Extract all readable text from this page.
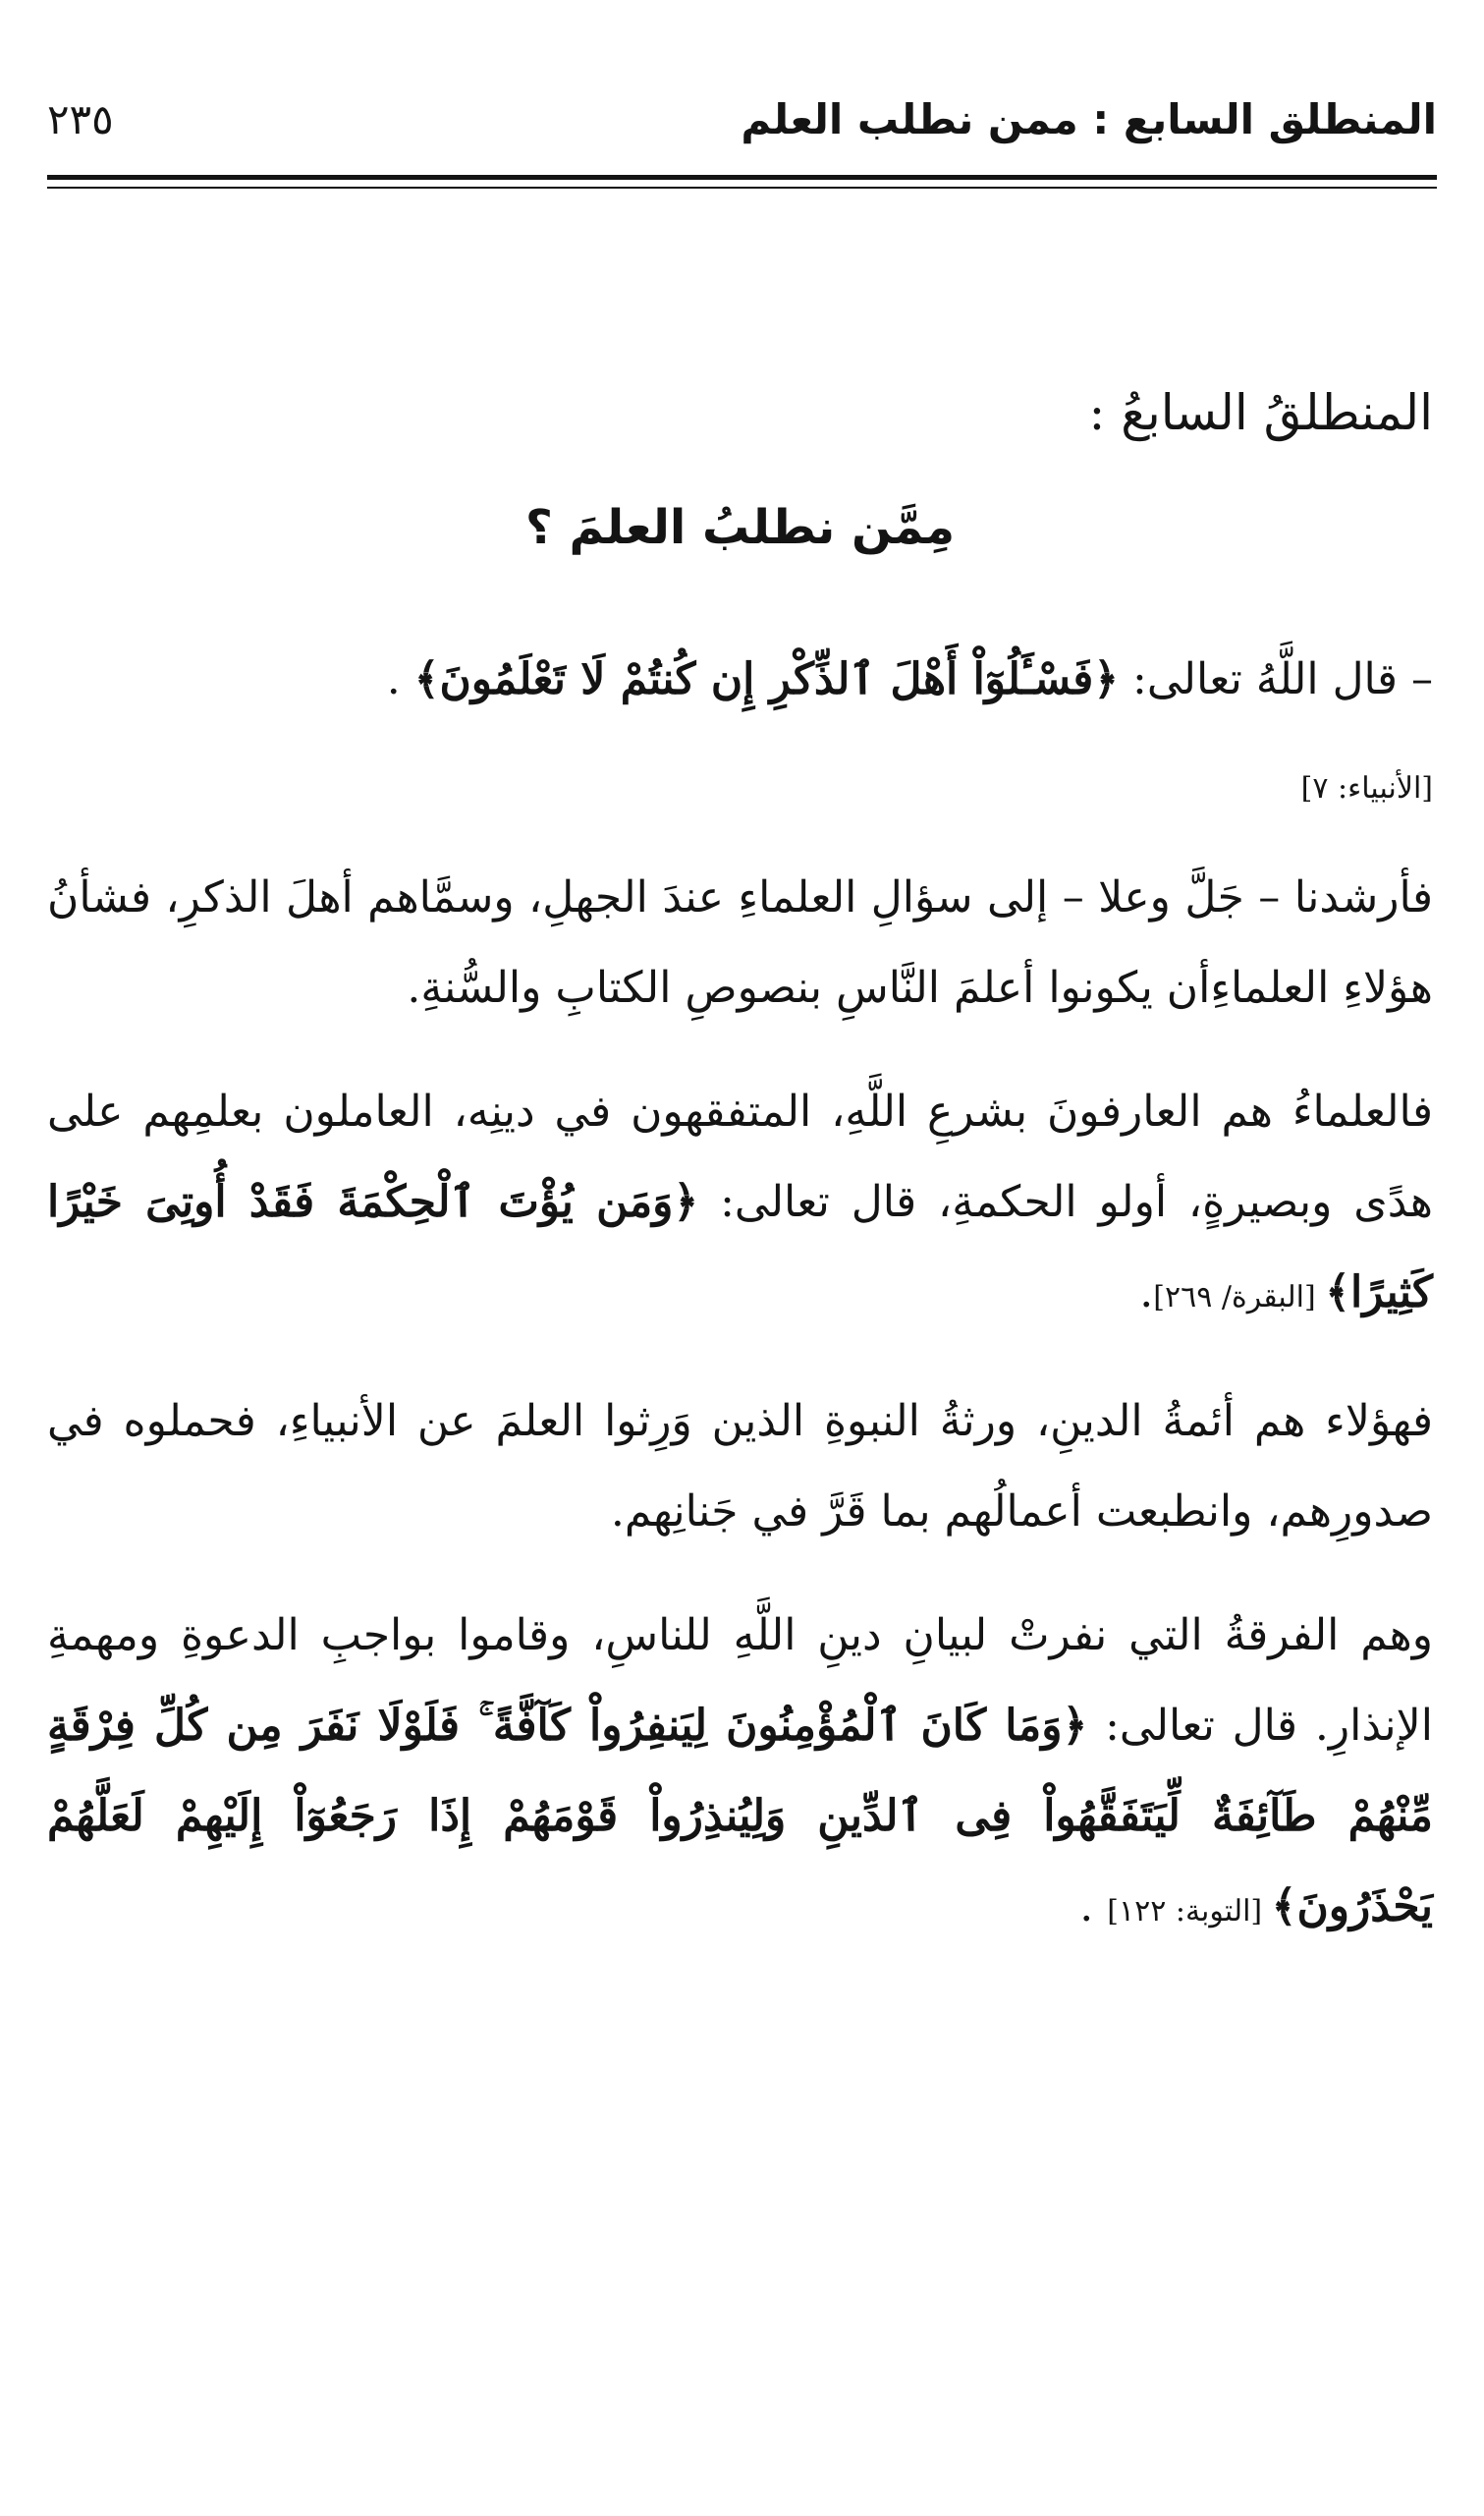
المنطلق السابع : ممن نطلب العلم
٢٣٥

المنطلقُ السابعُ :

مِمَّن نطلبُ العلمَ ؟

– قال اللَّهُ تعالى: ﴿فَسْـَٔلُوٓاْ أَهْلَ ٱلذِّكْرِ إِن كُنتُمْ لَا تَعْلَمُونَ﴾ .

[الأنبياء: ٧]

فأرشدنا – جَلَّ وعلا – إلى سؤالِ العلماءِ عندَ الجهلِ، وسمَّاهم أهلَ الذكرِ، فشأنُ هؤلاءِ العلماءِأن يكونوا أعلمَ النَّاسِ بنصوصِ الكتابِ والسُّنةِ.

فالعلماءُ هم العارفونَ بشرعِ اللَّهِ، المتفقهون في دينِه، العاملون بعلمِهم على هدًى وبصيرةٍ، أولو الحكمةِ، قال تعالى: ﴿وَمَن يُؤْتَ ٱلْحِكْمَةَ فَقَدْ أُوتِىَ خَيْرًا كَثِيرًا﴾ [البقرة/ ٢٦٩].

فهؤلاء هم أئمةُ الدينِ، ورثةُ النبوةِ الذين وَرِثوا العلمَ عن الأنبياءِ، فحملوه في صدورِهم، وانطبعت أعمالُهم بما قَرَّ في جَنانِهم.

وهم الفرقةُ التي نفرتْ لبيانِ دينِ اللَّهِ للناسِ، وقاموا بواجبِ الدعوةِ ومهمةِ الإنذارِ. قال تعالى: ﴿وَمَا كَانَ ٱلْمُؤْمِنُونَ لِيَنفِرُواْ كَآفَّةً ۚ فَلَوْلَا نَفَرَ مِن كُلِّ فِرْقَةٍ مِّنْهُمْ طَآئِفَةٌ لِّيَتَفَقَّهُواْ فِى ٱلدِّينِ وَلِيُنذِرُواْ قَوْمَهُمْ إِذَا رَجَعُوٓاْ إِلَيْهِمْ لَعَلَّهُمْ يَحْذَرُونَ﴾ [التوبة: ١٢٢] .
